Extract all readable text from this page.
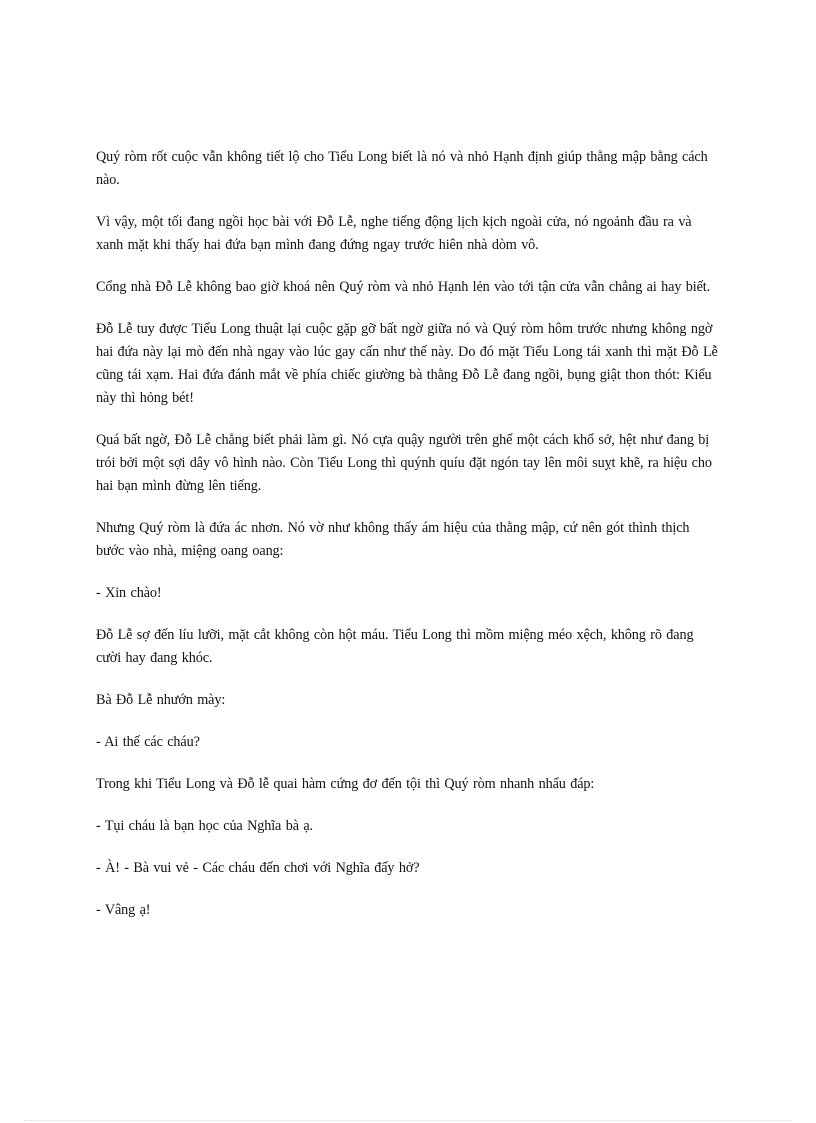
Quý ròm rốt cuộc vẫn không tiết lộ cho Tiểu Long biết là nó và nhỏ Hạnh định giúp thằng mập bằng cách nào.

Vì vậy, một tối đang ngồi học bài với Đỗ Lễ, nghe tiếng động lịch kịch ngoài cửa, nó ngoảnh đầu ra và xanh mặt khi thấy hai đứa bạn mình đang đứng ngay trước hiên nhà dòm vô.

Cổng nhà Đỗ Lễ không bao giờ khoá nên Quý ròm và nhỏ Hạnh lẻn vào tới tận cửa vẫn chẳng ai hay biết.

Đỗ Lễ tuy được Tiểu Long thuật lại cuộc gặp gỡ bất ngờ giữa nó và Quý ròm hôm trước nhưng không ngờ hai đứa này lại mò đến nhà ngay vào lúc gay cấn như thế này. Do đó mặt Tiểu Long tái xanh thì mặt Đỗ Lễ cũng tái xạm. Hai đứa đánh mắt về phía chiếc giường bà thằng Đỗ Lễ đang ngồi, bụng giật thon thót: Kiểu này thì hỏng bét!

Quá bất ngờ, Đỗ Lễ chẳng biết phải làm gì. Nó cựa quậy người trên ghế một cách khổ sở, hệt như đang bị trói bởi một sợi dây vô hình nào. Còn Tiểu Long thì quýnh quíu đặt ngón tay lên môi suỵt khẽ, ra hiệu cho hai bạn mình đừng lên tiếng.

Nhưng Quý ròm là đứa ác nhơn. Nó vờ như không thấy ám hiệu của thằng mập, cứ nên gót thình thịch bước vào nhà, miệng oang oang:

- Xin chào!

Đỗ Lễ sợ đến líu lưỡi, mặt cắt không còn hột máu. Tiểu Long thì mồm miệng méo xệch, không rõ đang cười hay đang khóc.

Bà Đỗ Lễ nhướn mày:

- Ai thế các cháu?

Trong khi Tiểu Long và Đỗ lễ quai hàm cứng đơ đến tội thì Quý ròm nhanh nhẩu đáp:

- Tụi cháu là bạn học của Nghĩa bà ạ.

- À! - Bà vui vẻ - Các cháu đến chơi với Nghĩa đấy hở?

- Vâng ạ!
